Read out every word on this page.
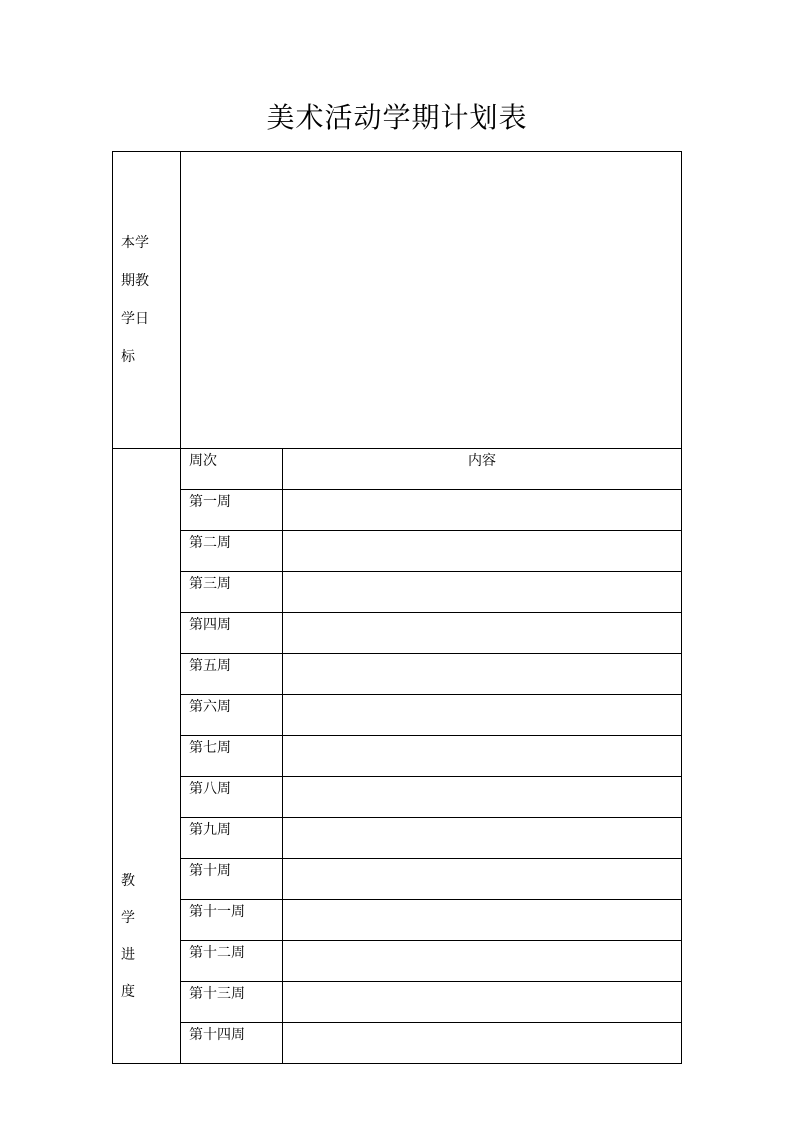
美术活动学期计划表
本学
期教
学日
标		

教
学
进
度	周次	内容
	第一周	
	第二周	
	第三周	
	第四周	
	第五周	
	第六周	
	第七周	
	第八周	
	第九周	
	第十周	
	第十一周	
	第十二周	
	第十三周	
	第十四周	
